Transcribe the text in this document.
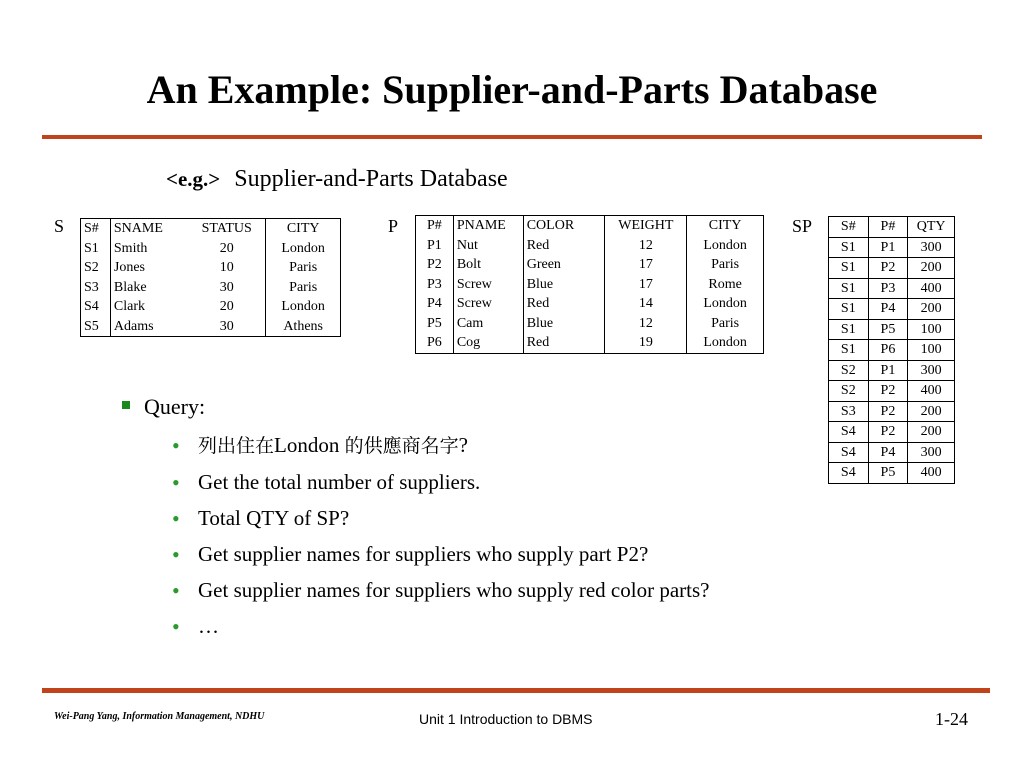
An Example: Supplier-and-Parts Database
<e.g.> Supplier-and-Parts Database
S S#	SNAME	STATUS	CITY
S1	Smith	20	London
S2	Jones	10	Paris
S3	Blake	30	Paris
S4	Clark	20	London
S5	Adams	30	Athens
P P#	PNAME	COLOR	WEIGHT	CITY
P1	Nut	Red	12	London
P2	Bolt	Green	17	Paris
P3	Screw	Blue	17	Rome
P4	Screw	Red	14	London
P5	Cam	Blue	12	Paris
P6	Cog	Red	19	London
SP S#	P#	QTY
S1	P1	300
S1	P2	200
S1	P3	400
S1	P4	200
S1	P5	100
S1	P6	100
S2	P1	300
S2	P2	400
S3	P2	200
S4	P2	200
S4	P4	300
S4	P5	400
Query:
• 列出住在London 的供應商名字?
• Get the total number of suppliers.
• Total QTY of SP?
• Get supplier names for suppliers who supply part P2?
• Get supplier names for suppliers who supply red color parts?
• …
Wei-Pang Yang, Information Management, NDHU	Unit 1 Introduction to DBMS	1-24
